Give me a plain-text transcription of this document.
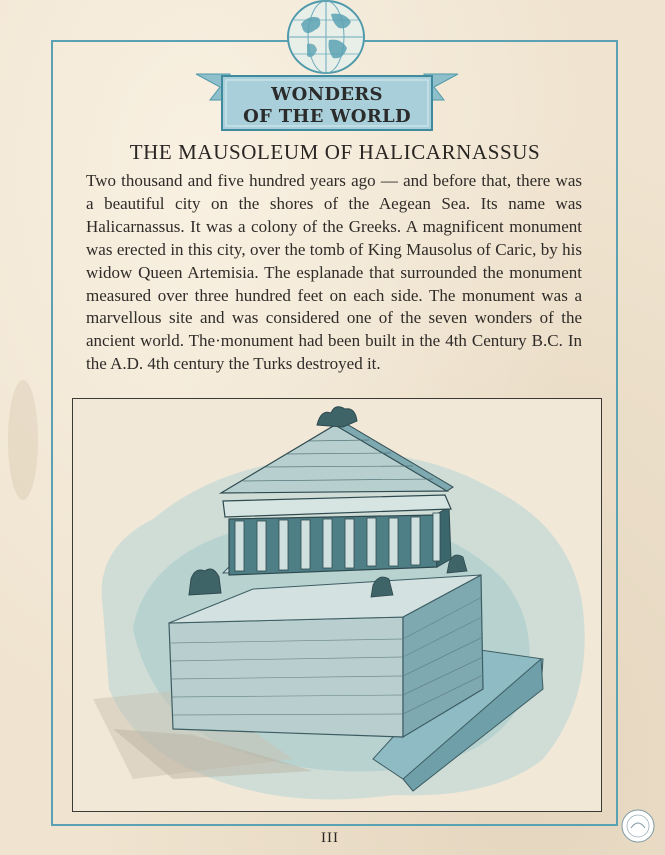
WONDERS
OF THE WORLD
THE MAUSOLEUM OF HALICARNASSUS

Two thousand and five hundred years ago — and before that, there was a beautiful city on the shores of the Aegean Sea. Its name was Halicarnassus. It was a colony of the Greeks. A magnificent monument was erected in this city, over the tomb of King Mausolus of Caric, by his widow Queen Artemisia. The esplanade that surrounded the monument measured over three hundred feet on each side. The monument was a marvellous site and was considered one of the seven wonders of the ancient world. The·monument had been built in the 4th Century B.C. In the A.D. 4th century the Turks destroyed it.

III
